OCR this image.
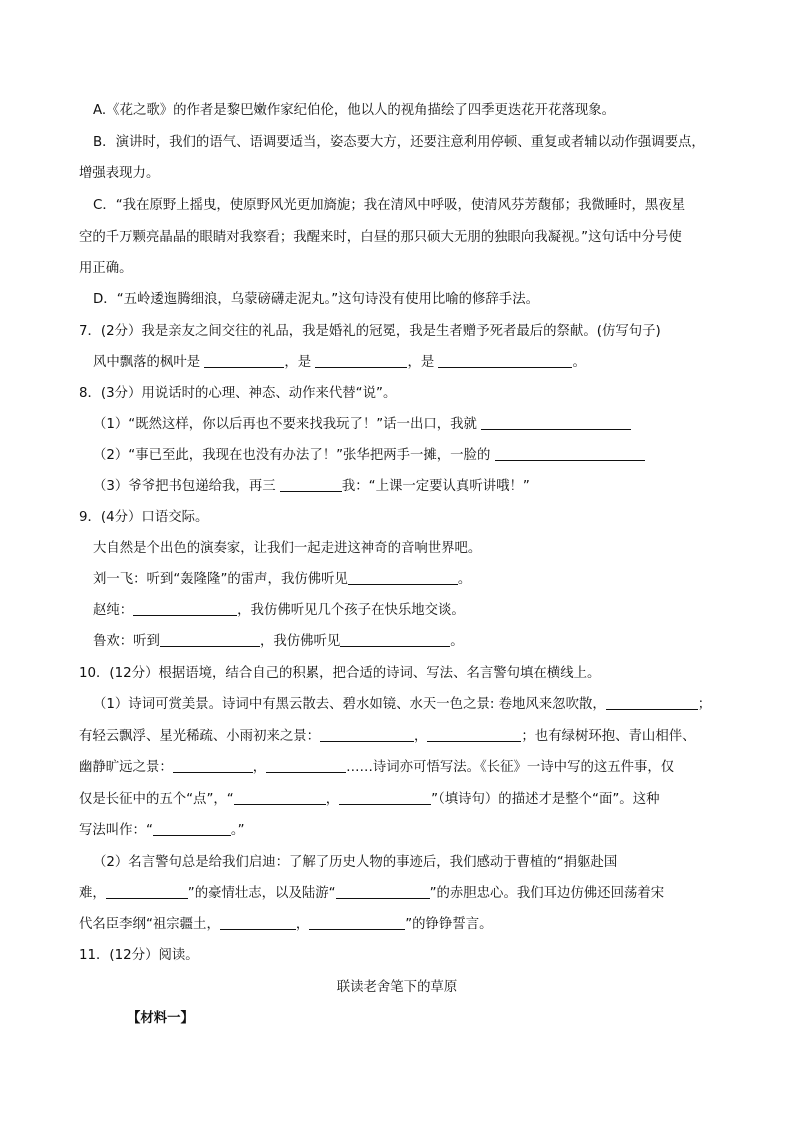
A.《花之歌》的作者是黎巴嫩作家纪伯伦，他以人的视角描绘了四季更迭花开花落现象。
B．演讲时，我们的语气、语调要适当，姿态要大方，还要注意利用停顿、重复或者辅以动作强调要点，
增强表现力。
C．“我在原野上摇曳，使原野风光更加旖旎；我在清风中呼吸，使清风芬芳馥郁；我微睡时，黑夜星
空的千万颗亮晶晶的眼睛对我察看；我醒来时，白昼的那只硕大无朋的独眼向我凝视。”这句话中分号使
用正确。
D．“五岭逶迤腾细浪，乌蒙磅礴走泥丸。”这句诗没有使用比喻的修辞手法。
7．(2分）我是亲友之间交往的礼品，我是婚礼的冠冕，我是生者赠予死者最后的祭献。(仿写句子)
风中飘落的枫叶是	，是	，是	。
8．(3分）用说话时的心理、神态、动作来代替“说”。
（1）“既然这样，你以后再也不要来找我玩了！”话一出口，我就
（2）“事已至此，我现在也没有办法了！”张华把两手一摊，一脸的
（3）爷爷把书包递给我，再三	我：“上课一定要认真听讲哦！”
9．(4分）口语交际。
大自然是个出色的演奏家，让我们一起走进这神奇的音响世界吧。
刘一飞：听到“轰隆隆”的雷声，我仿佛听见	。
赵纯：	，我仿佛听见几个孩子在快乐地交谈。
鲁欢：听到	，我仿佛听见	。
10．(12分）根据语境，结合自己的积累，把合适的诗词、写法、名言警句填在横线上。
（1）诗词可赏美景。诗词中有黑云散去、碧水如镜、水天一色之景: 卷地风来忽吹散，	；
有轻云飘浮、星光稀疏、小雨初来之景：	，	；也有绿树环抱、青山相伴、
幽静旷远之景：	，	……诗词亦可悟写法。《长征》一诗中写的这五件事，仅
仅是长征中的五个“点”，“	，	”（填诗句）的描述才是整个“面”。这种
写法叫作：“	。”
（2）名言警句总是给我们启迪：了解了历史人物的事迹后，我们感动于曹植的“捐躯赴国
难，	”的豪情壮志，以及陆游“	”的赤胆忠心。我们耳边仿佛还回荡着宋
代名臣李纲“祖宗疆土，	，	”的铮铮誓言。
11．(12分）阅读。
联读老舍笔下的草原
【材料一】
